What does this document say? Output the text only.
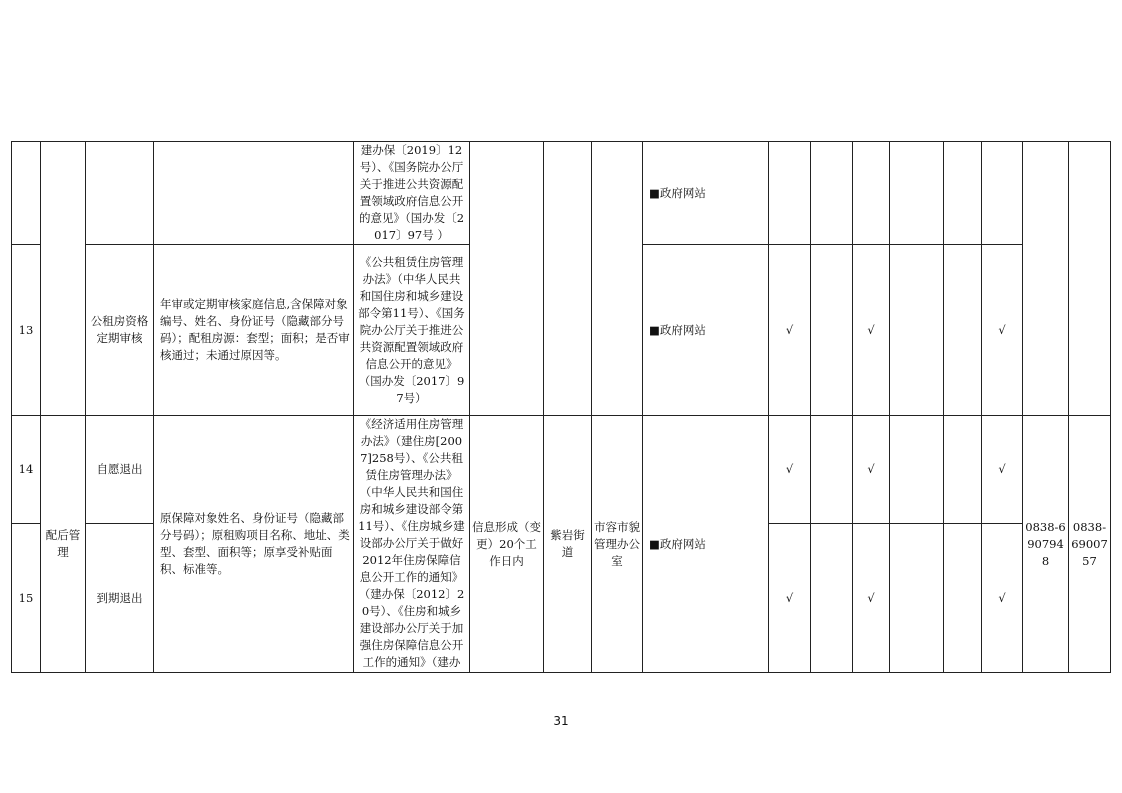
				建办保〔2019〕12号）、《国务院办公厅关于推进公共资源配置领域政府信息公开的意见》（国办发〔2017〕97号 ）				■政府网站								
13		公租房资格定期审核	年审或定期审核家庭信息,含保障对象编号、姓名、身份证号（隐藏部分号码）；配租房源：套型；面积；是否审核通过；未通过原因等。	《公共租赁住房管理办法》（中华人民共和国住房和城乡建设部令第11号）、《国务院办公厅关于推进公共资源配置领域政府信息公开的意见》（国办发〔2017〕97号）				■政府网站	√		√			√		
14	配后管理	自愿退出	原保障对象姓名、身份证号（隐藏部分号码）；原租购项目名称、地址、类型、套型、面积等；原享受补贴面积、标准等。	《经济适用住房管理办法》（建住房[2007]258号）、《公共租赁住房管理办法》（中华人民共和国住房和城乡建设部令第11号）、《住房城乡建设部办公厅关于做好2012年住房保障信息公开工作的通知》（建办保〔2012〕20号）、《住房和城乡建设部办公厅关于加强住房保障信息公开工作的通知》（建办	信息形成（变更）20个工作日内	紫岩街道	市容市貌管理办公室	■政府网站	√		√			√	0838-6907948	0838-6900757
15		到期退出							√		√			√		
31
